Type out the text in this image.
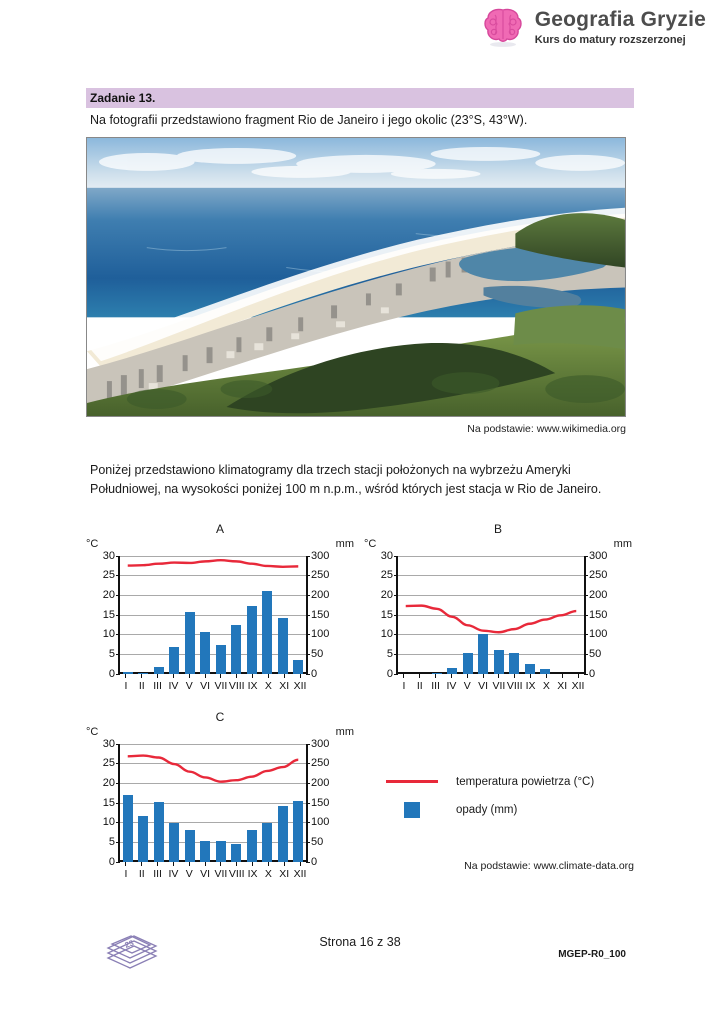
Geografia Gryzie
Kurs do matury rozszerzonej
Zadanie 13.
Na fotografii przedstawiono fragment Rio de Janeiro i jego okolic (23°S, 43°W).
Na podstawie: www.wikimedia.org
Poniżej przedstawiono klimatogramy dla trzech stacji położonych na wybrzeżu Ameryki Południowej, na wysokości poniżej 100 m n.p.m., wśród których jest stacja w Rio de Janeiro.
A
°C	mm
0	0
5	50
10	100
15	150
20	200
25	250
30	300
I	II III IV V VI VII VIII IX X XI XII
B
°C	mm
0	0
5	50
10	100
15	150
20	200
25	250
30	300
I	II III IV V VI VII VIII IX X XI XII
C
°C	mm
0	0
5	50
10	100
15	150
20	200
25	250
30	300
I	II III IV V VI VII VIII IX X XI XII
temperatura powietrza (°C)
opady (mm)
Na podstawie: www.climate-data.org
23	Strona 16 z 38
MGEP-R0_100
